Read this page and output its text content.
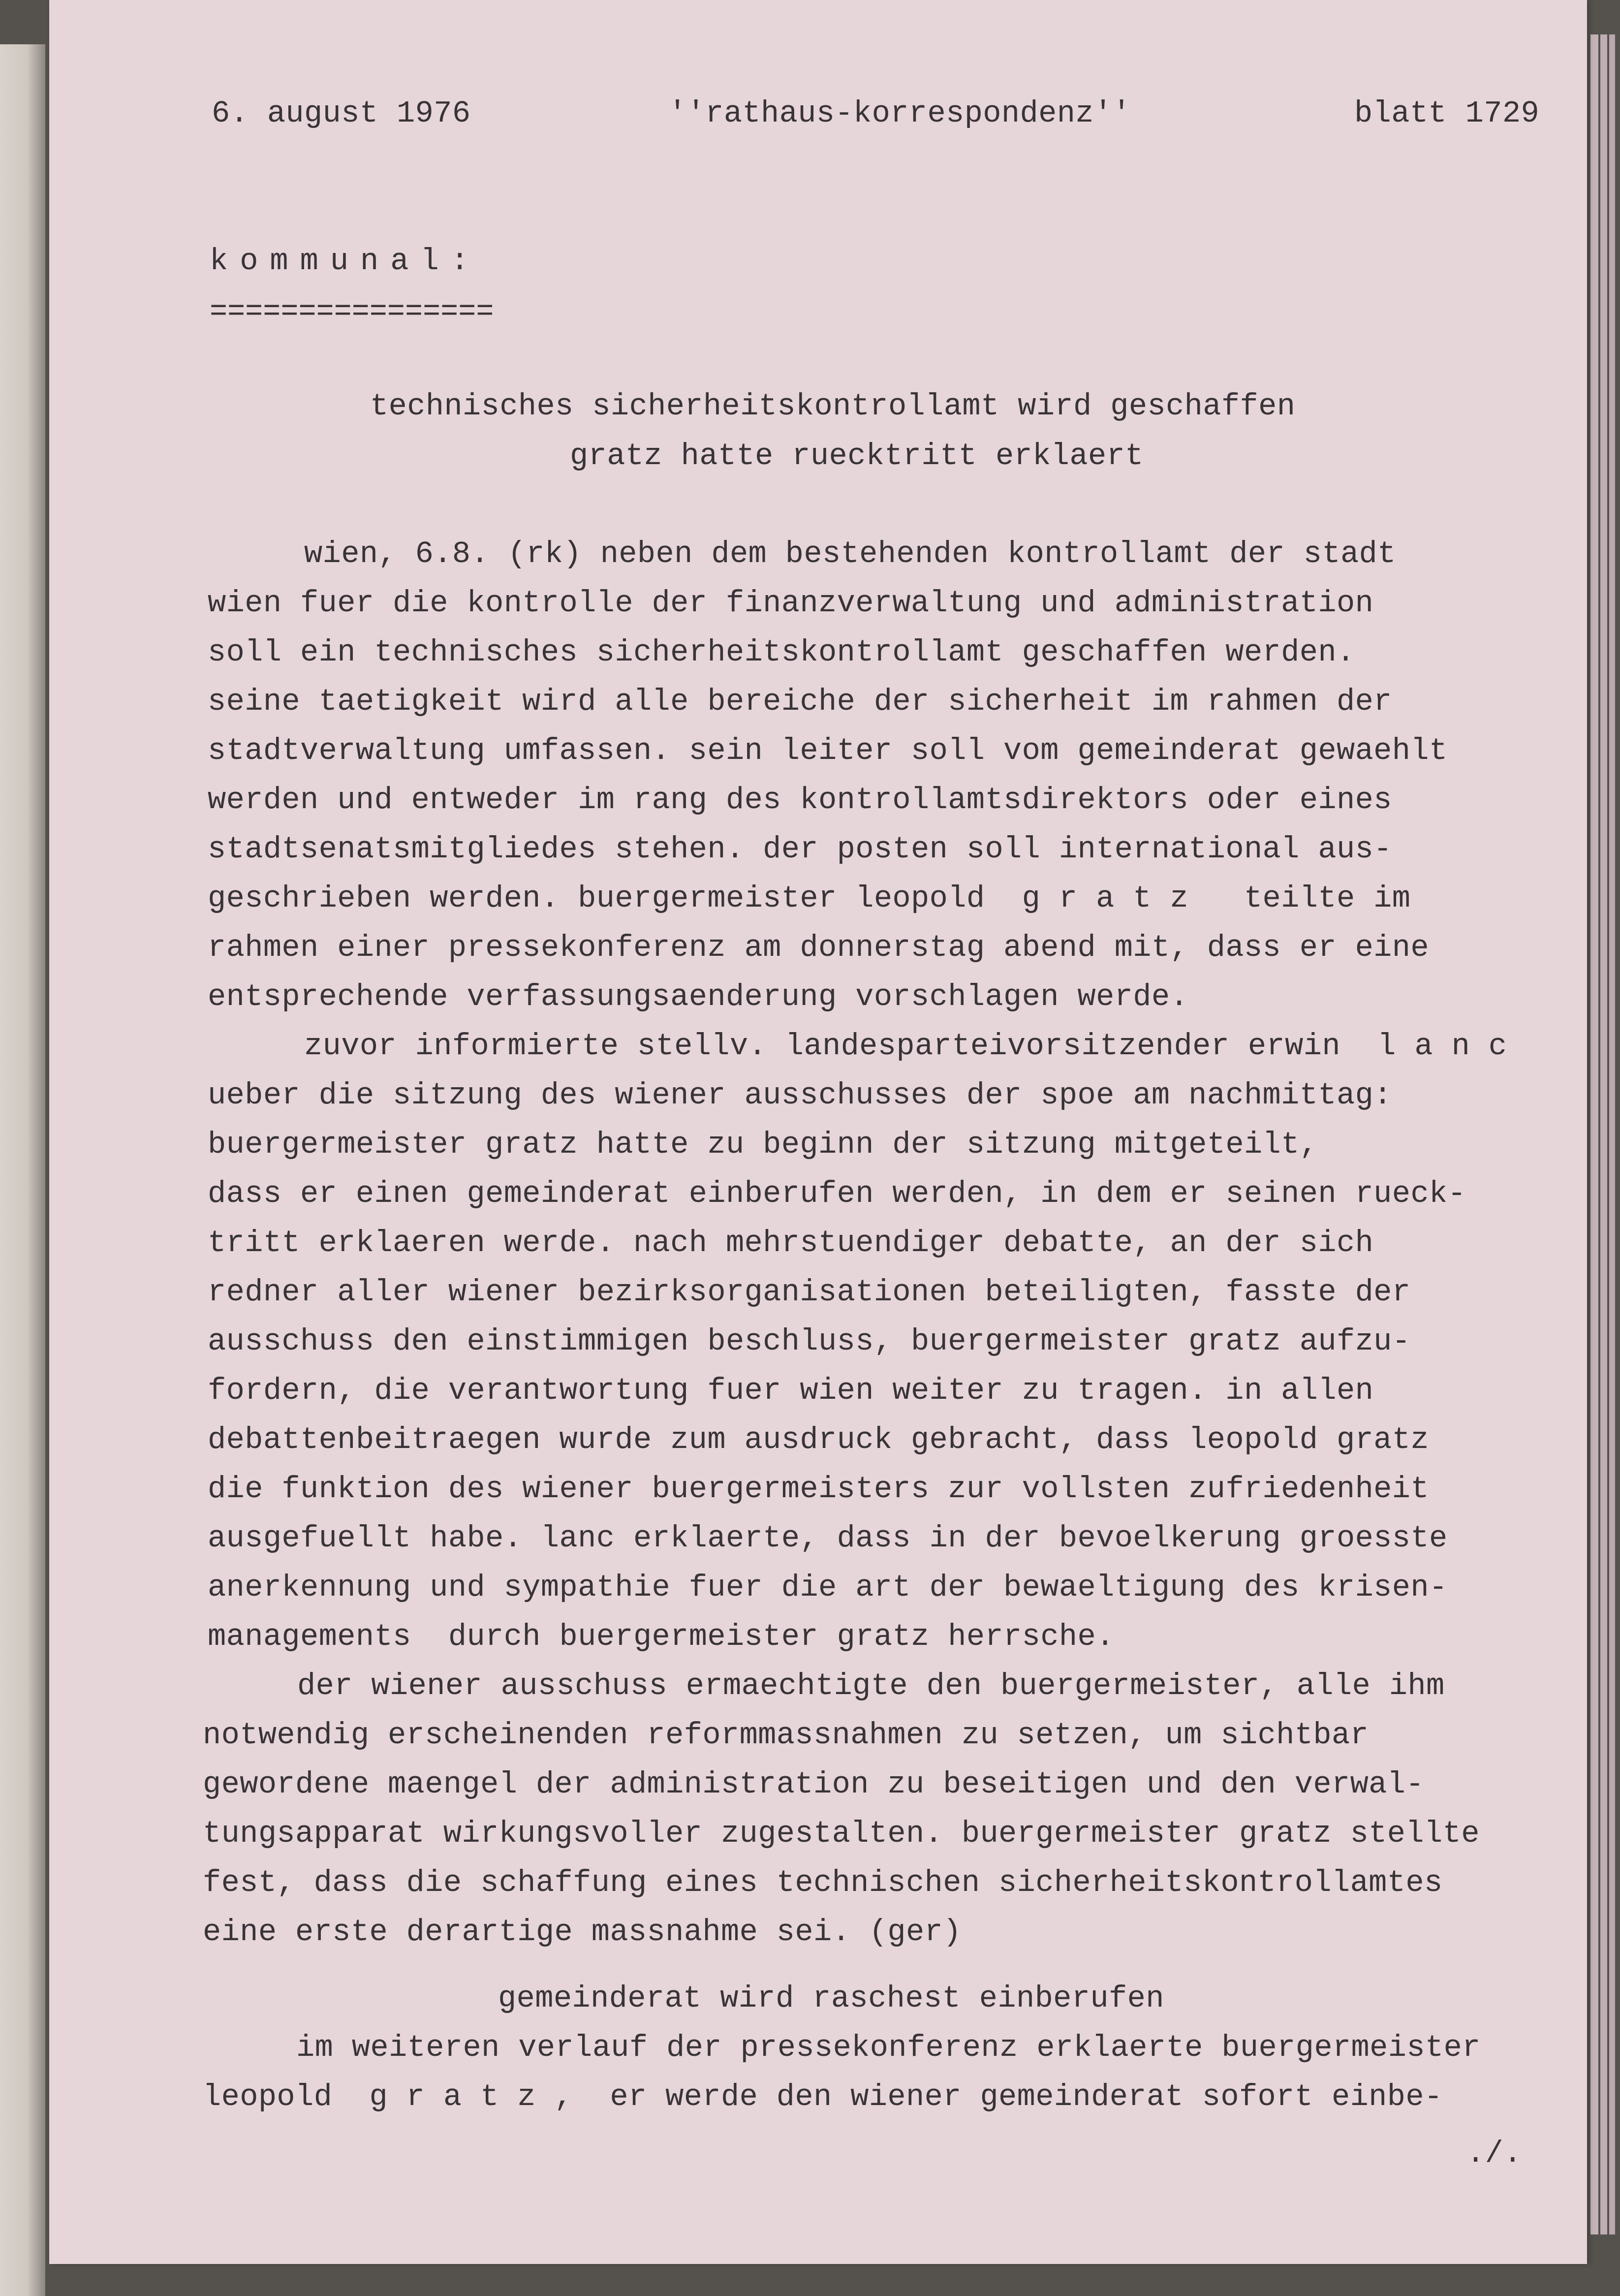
6. august 1976	''rathaus-korrespondenz''	blatt 1729

kommunal:

================

technisches sicherheitskontrollamt wird geschaffen

gratz hatte ruecktritt erklaert

wien, 6.8. (rk) neben dem bestehenden kontrollamt der stadt

wien fuer die kontrolle der finanzverwaltung und administration

soll ein technisches sicherheitskontrollamt geschaffen werden.

seine taetigkeit wird alle bereiche der sicherheit im rahmen der

stadtverwaltung umfassen. sein leiter soll vom gemeinderat gewaehlt

werden und entweder im rang des kontrollamtsdirektors oder eines

stadtsenatsmitgliedes stehen. der posten soll international aus-

geschrieben werden. buergermeister leopold  g r a t z   teilte im

rahmen einer pressekonferenz am donnerstag abend mit, dass er eine

entsprechende verfassungsaenderung vorschlagen werde.

zuvor informierte stellv. landesparteivorsitzender erwin  l a n c

ueber die sitzung des wiener ausschusses der spoe am nachmittag:

buergermeister gratz hatte zu beginn der sitzung mitgeteilt,

dass er einen gemeinderat einberufen werden, in dem er seinen rueck-

tritt erklaeren werde. nach mehrstuendiger debatte, an der sich

redner aller wiener bezirksorganisationen beteiligten, fasste der

ausschuss den einstimmigen beschluss, buergermeister gratz aufzu-

fordern, die verantwortung fuer wien weiter zu tragen. in allen

debattenbeitraegen wurde zum ausdruck gebracht, dass leopold gratz

die funktion des wiener buergermeisters zur vollsten zufriedenheit

ausgefuellt habe. lanc erklaerte, dass in der bevoelkerung groesste

anerkennung und sympathie fuer die art der bewaeltigung des krisen-

managements  durch buergermeister gratz herrsche.

der wiener ausschuss ermaechtigte den buergermeister, alle ihm

notwendig erscheinenden reformmassnahmen zu setzen, um sichtbar

gewordene maengel der administration zu beseitigen und den verwal-

tungsapparat wirkungsvoller zugestalten. buergermeister gratz stellte

fest, dass die schaffung eines technischen sicherheitskontrollamtes

eine erste derartige massnahme sei. (ger)

gemeinderat wird raschest einberufen

im weiteren verlauf der pressekonferenz erklaerte buergermeister

leopold  g r a t z ,  er werde den wiener gemeinderat sofort einbe-

./.
